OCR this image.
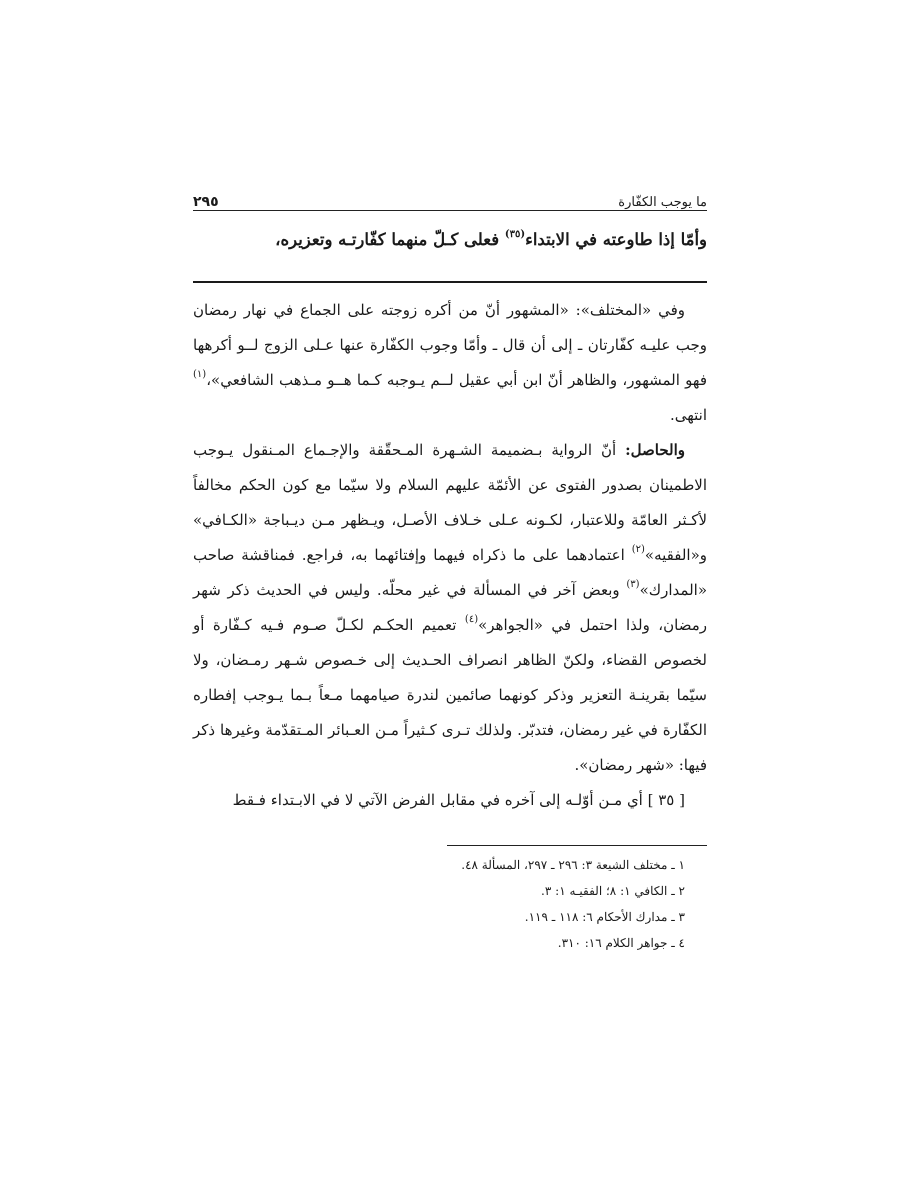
ما يوجب الكفّارة
٢٩٥
وأمّا إذا طاوعته في الابتداء$^{(٣٥)}$ فعلى كـلّ منهما كفّارتـه وتعزيره،

وفي «المختلف»: «المشهور أنّ من أكره زوجته على الجماع في نهار رمضان وجب عليـه كفّارتان ـ إلى أن قال ـ وأمّا وجوب الكفّارة عنها عـلى الزوج لــو أكرهها فهو المشهور، والظاهر أنّ ابن أبي عقيل لــم يـوجبه كـما هــو مـذهب الشافعي»،$^{(١)}$ انتهى.

والحاصل: أنّ الرواية بـضميمة الشـهرة المـحقّقة والإجـماع المـنقول يـوجب الاطمينان بصدور الفتوى عن الأئمّة عليهم السلام ولا سيّما مع كون الحكم مخالفاً لأكـثر العامّة وللاعتبار، لكـونه عـلى خـلاف الأصـل، ويـظهر مـن ديـباجة «الكـافي» و«الفقيه»$^{(٢)}$ اعتمادهما على ما ذكراه فيهما وإفتائهما به، فراجع. فمناقشة صاحب «المدارك»$^{(٣)}$ وبعض آخر في المسألة في غير محلّه. وليس في الحديث ذكر شهر رمضان، ولذا احتمل في «الجواهر»$^{(٤)}$ تعميم الحكـم لكـلّ صـوم فـيه كـفّارة أو لخصوص القضاء، ولكنّ الظاهر انصراف الحـديث إلى خـصوص شـهر رمـضان، ولا سيّما بقرينـة التعزير وذكر كونهما صائمين لندرة صيامهما مـعاً بـما يـوجب إفطاره الكفّارة في غير رمضان، فتدبّر. ولذلك تـرى كـثيراً مـن العـبائر المـتقدّمة وغيرها ذكر فيها: «شهر رمضان».

[ ٣٥ ] أي مـن أوّلـه إلى آخره في مقابل الفرض الآتي لا في الابـتداء فـقط

١ ـ مختلف الشيعة ٣: ٢٩٦ ـ ٢٩٧، المسألة ٤٨.
٢ ـ الكافي ١: ٨؛ الفقيـه ١: ٣.
٣ ـ مدارك الأحكام ٦: ١١٨ ـ ١١٩.
٤ ـ جواهر الكلام ١٦: ٣١٠.
